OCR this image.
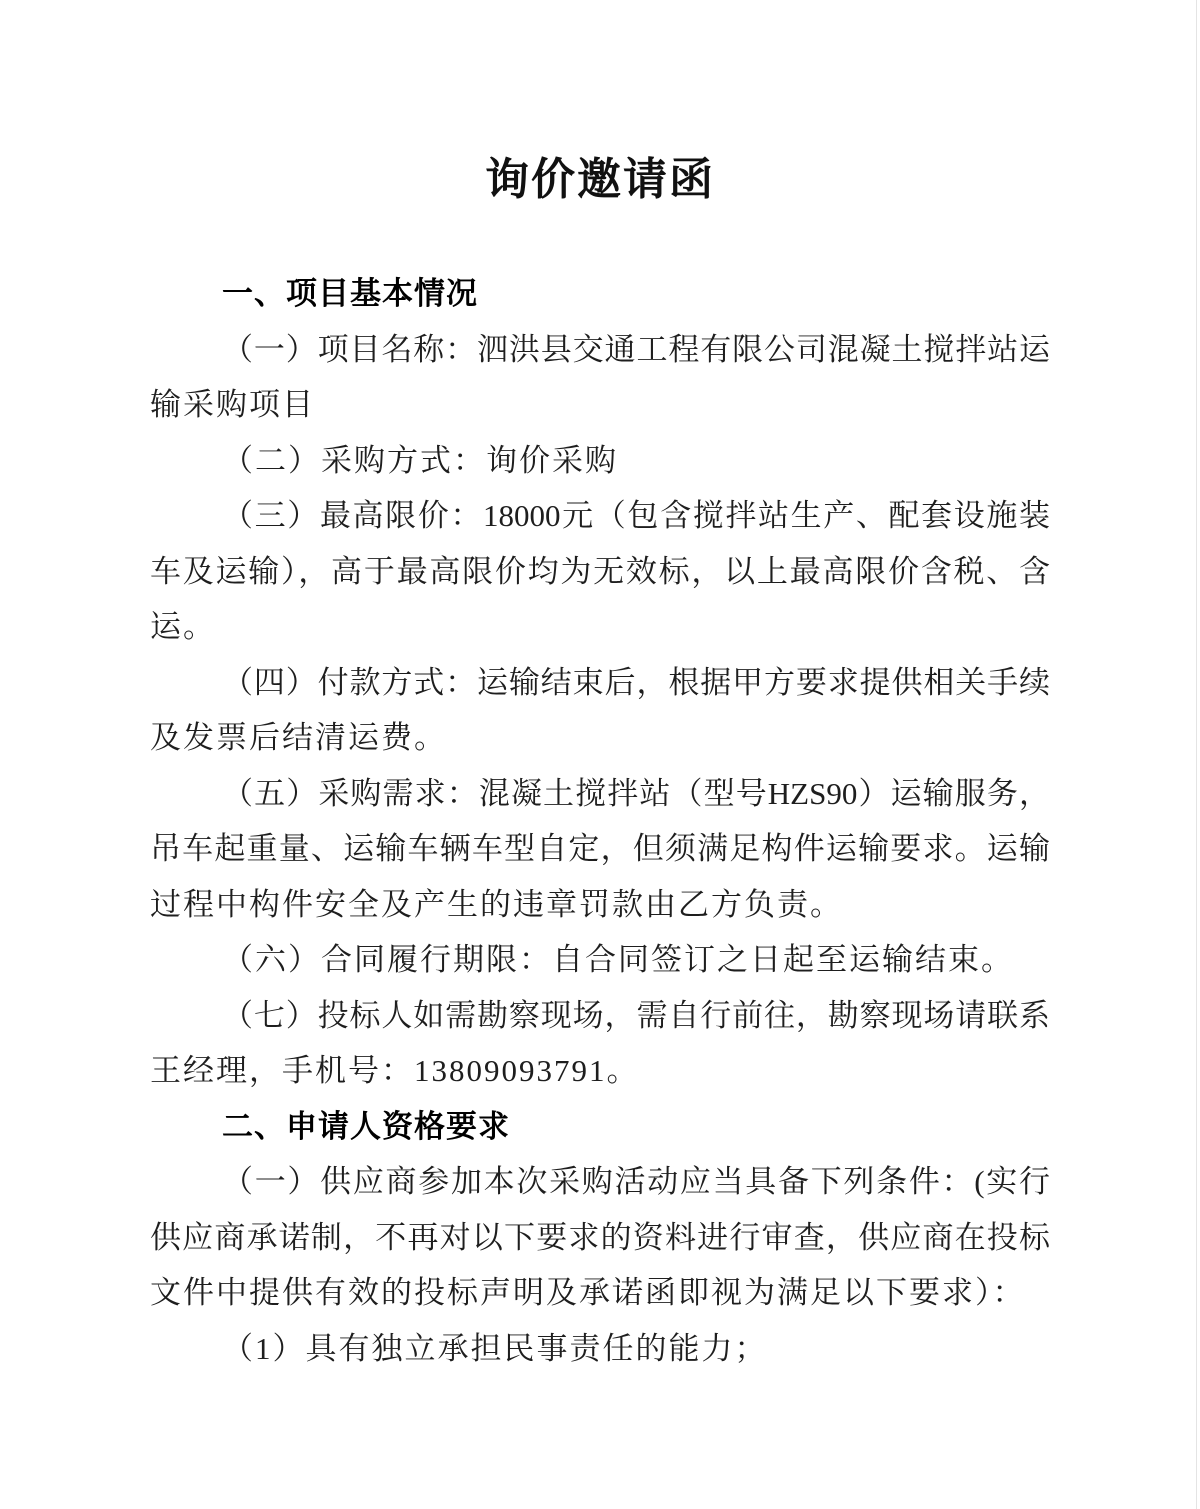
询价邀请函
一、项目基本情况
（一）项目名称：泗洪县交通工程有限公司混凝土搅拌站运
输采购项目
（二）采购方式：询价采购
（三）最高限价：18000元（包含搅拌站生产、配套设施装
车及运输），高于最高限价均为无效标，以上最高限价含税、含
运。
（四）付款方式：运输结束后，根据甲方要求提供相关手续
及发票后结清运费。
（五）采购需求：混凝土搅拌站（型号HZS90）运输服务，
吊车起重量、运输车辆车型自定，但须满足构件运输要求。运输
过程中构件安全及产生的违章罚款由乙方负责。
（六）合同履行期限：自合同签订之日起至运输结束。
（七）投标人如需勘察现场，需自行前往，勘察现场请联系
王经理，手机号：13809093791。
二、申请人资格要求
（一）供应商参加本次采购活动应当具备下列条件：(实行
供应商承诺制，不再对以下要求的资料进行审查，供应商在投标
文件中提供有效的投标声明及承诺函即视为满足以下要求）：
（1）具有独立承担民事责任的能力；
